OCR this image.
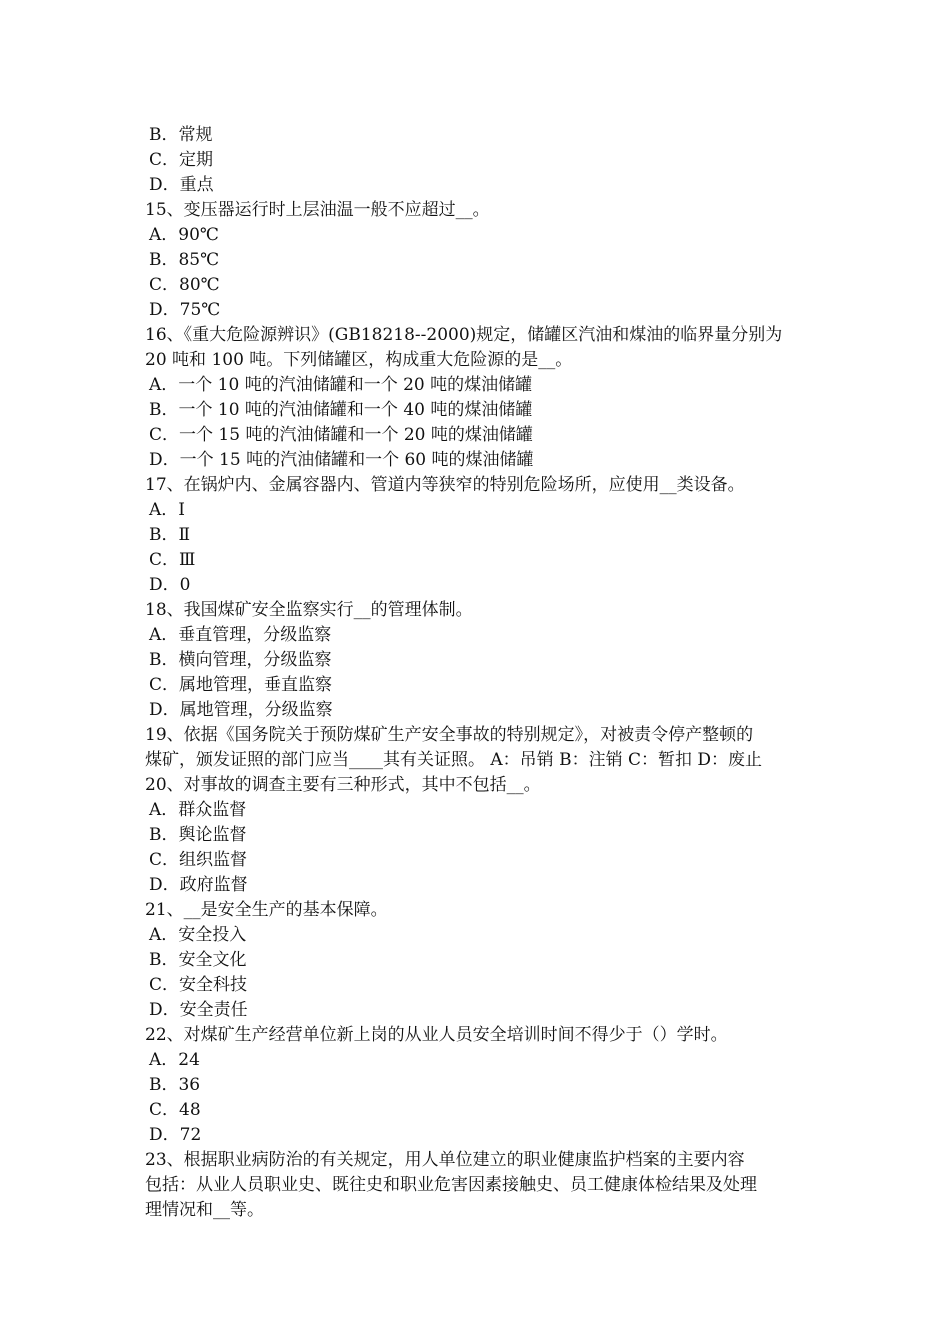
B．常规
C．定期
D．重点
15、变压器运行时上层油温一般不应超过__。
A．90℃
B．85℃
C．80℃
D．75℃
16、《重大危险源辨识》(GB18218--2000)规定，储罐区汽油和煤油的临界量分别为
20 吨和 100 吨。下列储罐区，构成重大危险源的是__。
A．一个 10 吨的汽油储罐和一个 20 吨的煤油储罐
B．一个 10 吨的汽油储罐和一个 40 吨的煤油储罐
C．一个 15 吨的汽油储罐和一个 20 吨的煤油储罐
D．一个 15 吨的汽油储罐和一个 60 吨的煤油储罐
17、在锅炉内、金属容器内、管道内等狭窄的特别危险场所，应使用__类设备。
A．Ⅰ
B．Ⅱ
C．Ⅲ
D．0
18、我国煤矿安全监察实行__的管理体制。
A．垂直管理，分级监察
B．横向管理，分级监察
C．属地管理，垂直监察
D．属地管理，分级监察
19、依据《国务院关于预防煤矿生产安全事故的特别规定》，对被责令停产整顿的
煤矿，颁发证照的部门应当____其有关证照。 A：吊销 B：注销 C：暂扣 D：废止
20、对事故的调查主要有三种形式，其中不包括__。
A．群众监督
B．舆论监督
C．组织监督
D．政府监督
21、__是安全生产的基本保障。
A．安全投入
B．安全文化
C．安全科技
D．安全责任
22、对煤矿生产经营单位新上岗的从业人员安全培训时间不得少于（）学时。
A．24
B．36
C．48
D．72
23、根据职业病防治的有关规定，用人单位建立的职业健康监护档案的主要内容
包括：从业人员职业史、既往史和职业危害因素接触史、员工健康体检结果及处理
理情况和__等。
